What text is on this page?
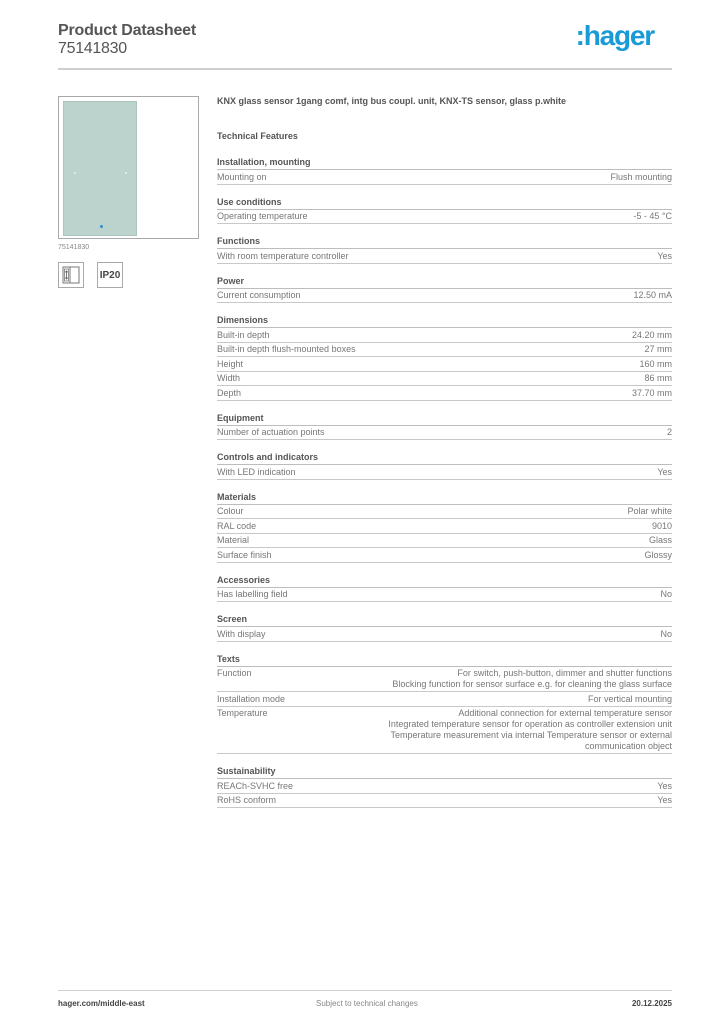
Product Datasheet
75141830	:hager
75141830
IP20
KNX glass sensor 1gang comf, intg bus coupl. unit, KNX-TS sensor, glass p.white
Technical Features
Installation, mounting
Mounting on	Flush mounting
Use conditions
Operating temperature	-5 - 45 °C
Functions
With room temperature controller	Yes
Power
Current consumption	12.50 mA
Dimensions
Built-in depth	24.20 mm
Built-in depth flush-mounted boxes	27 mm
Height	160 mm
Width	86 mm
Depth	37.70 mm
Equipment
Number of actuation points	2
Controls and indicators
With LED indication	Yes
Materials
Colour	Polar white
RAL code	9010
Material	Glass
Surface finish	Glossy
Accessories
Has labelling field	No
Screen
With display	No
Texts
Function	For switch, push-button, dimmer and shutter functions
Blocking function for sensor surface e.g. for cleaning the glass surface
Installation mode	For vertical mounting
Temperature	Additional connection for external temperature sensor
Integrated temperature sensor for operation as controller extension unit
Temperature measurement via internal Temperature sensor or external communication object
Sustainability
REACh-SVHC free	Yes
RoHS conform	Yes
hager.com/middle-east	Subject to technical changes	20.12.2025
